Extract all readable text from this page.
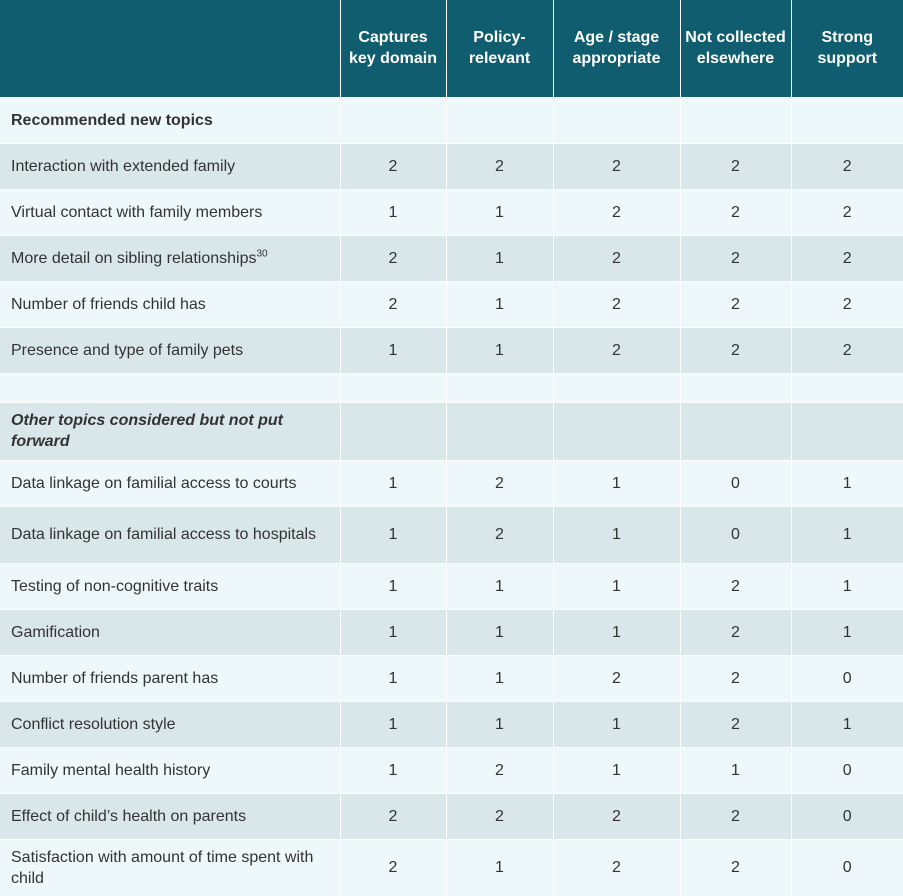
	Captures key domain	Policy-relevant	Age / stage appropriate	Not collected elsewhere	Strong support
Recommended new topics					
Interaction with extended family	2	2	2	2	2
Virtual contact with family members	1	1	2	2	2
More detail on sibling relationships$^{30}$	2	1	2	2	2
Number of friends child has	2	1	2	2	2
Presence and type of family pets	1	1	2	2	2

Other topics considered but not put forward					
Data linkage on familial access to courts	1	2	1	0	1
Data linkage on familial access to hospitals	1	2	1	0	1
Testing of non-cognitive traits	1	1	1	2	1
Gamification	1	1	1	2	1
Number of friends parent has	1	1	2	2	0
Conflict resolution style	1	1	1	2	1
Family mental health history	1	2	1	1	0
Effect of child’s health on parents	2	2	2	2	0
Satisfaction with amount of time spent with child	2	1	2	2	0
